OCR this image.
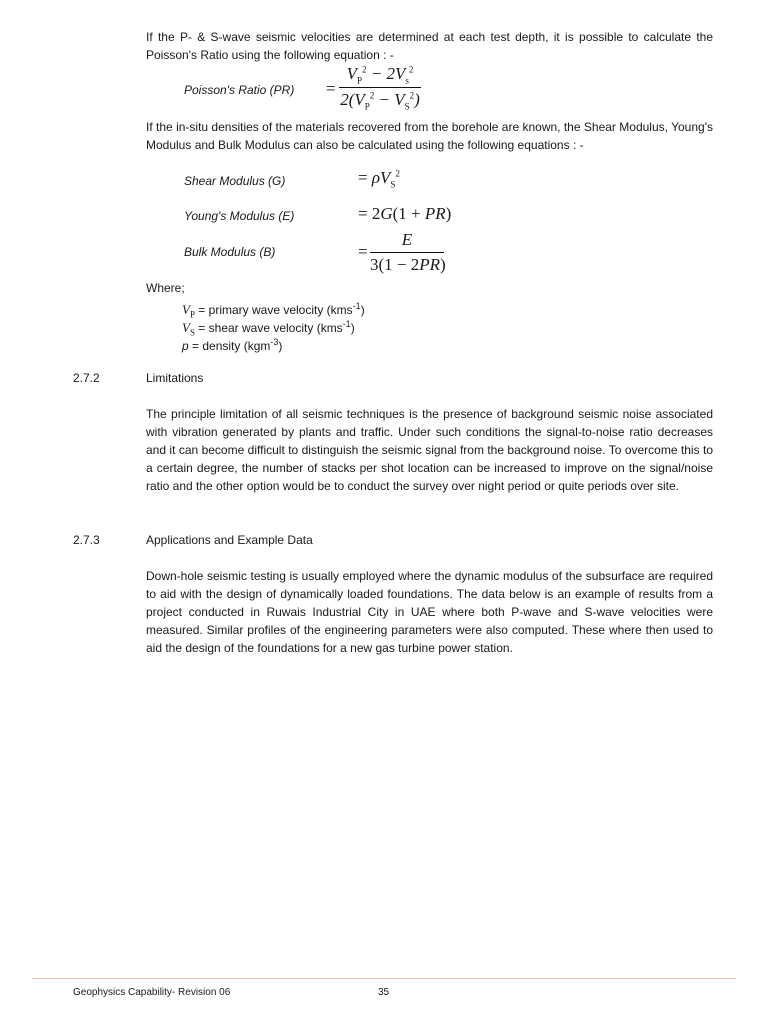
If the P- & S-wave seismic velocities are determined at each test depth, it is possible to calculate the Poisson's Ratio using the following equation : -
Poisson's Ratio (PR) =
$V_P^2 - 2V_s^2$
$2(V_P^2 - V_S^2)$
If the in-situ densities of the materials recovered from the borehole are known, the Shear Modulus, Young's Modulus and Bulk Modulus can also be calculated using the following equations : -
Shear Modulus (G)	= $\rho V_S^2$
Young's Modulus (E)	= 2G(1 + PR)
Bulk Modulus (B)	=
E
3(1 − 2PR)
Where;
$V_P$ = primary wave velocity (kms$^{-1}$)
$V_S$ = shear wave velocity (kms$^{-1}$)
p = density (kgm$^{-3}$)
2.7.2	Limitations
The principle limitation of all seismic techniques is the presence of background seismic noise associated with vibration generated by plants and traffic. Under such conditions the signal-to-noise ratio decreases and it can become difficult to distinguish the seismic signal from the background noise. To overcome this to a certain degree, the number of stacks per shot location can be increased to improve on the signal/noise ratio and the other option would be to conduct the survey over night period or quite periods over site.
2.7.3	Applications and Example Data
Down-hole seismic testing is usually employed where the dynamic modulus of the subsurface are required to aid with the design of dynamically loaded foundations. The data below is an example of results from a project conducted in Ruwais Industrial City in UAE where both P-wave and S-wave velocities were measured. Similar profiles of the engineering parameters were also computed. These where then used to aid the design of the foundations for a new gas turbine power station.
Geophysics Capability- Revision 06	35
